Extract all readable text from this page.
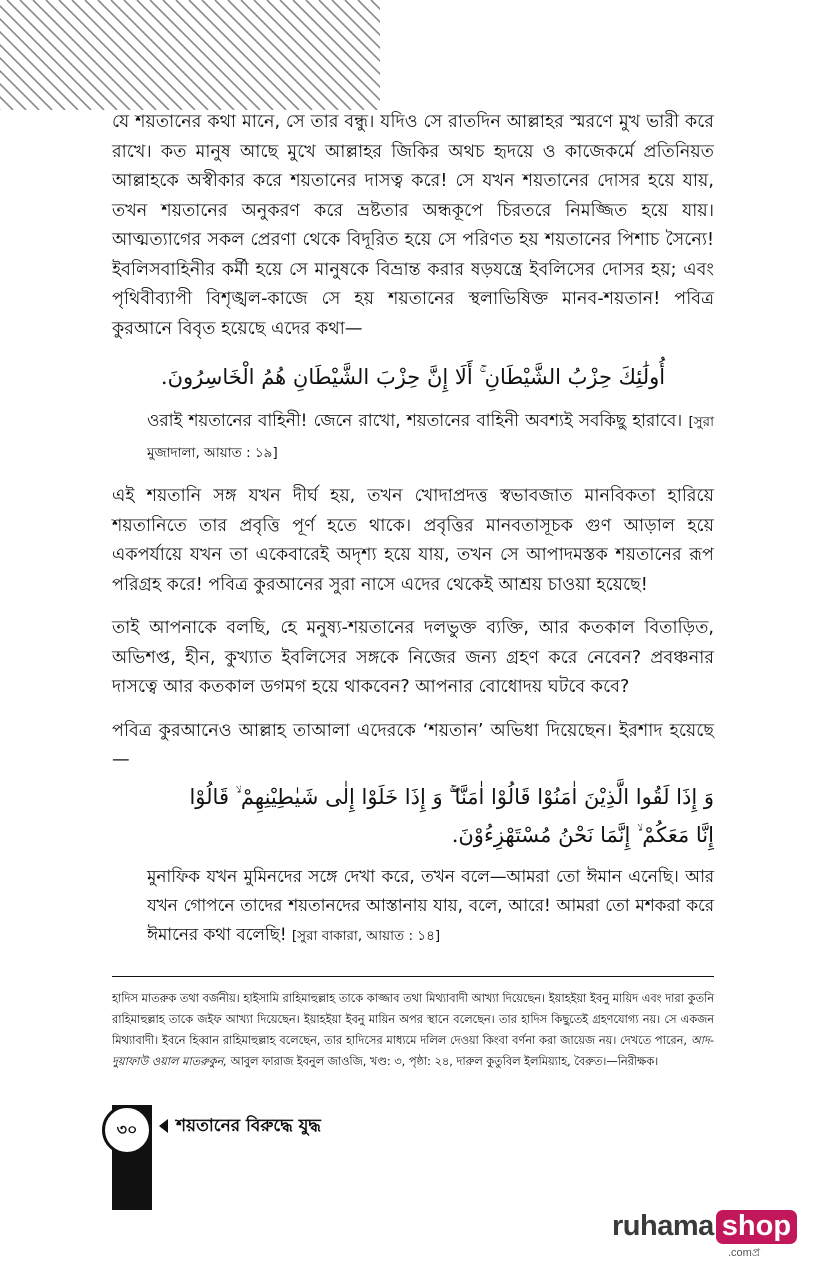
যে শয়তানের কথা মানে, সে তার বন্ধু। যদিও সে রাতদিন আল্লাহর স্মরণে মুখ ভারী করে রাখে। কত মানুষ আছে মুখে আল্লাহর জিকির অথচ হৃদয়ে ও কাজেকর্মে প্রতিনিয়ত আল্লাহকে অস্বীকার করে শয়তানের দাসত্ব করে! সে যখন শয়তানের দোসর হয়ে যায়, তখন শয়তানের অনুকরণ করে ভ্রষ্টতার অন্ধকূপে চিরতরে নিমজ্জিত হয়ে যায়। আত্মত্যাগের সকল প্রেরণা থেকে বিদূরিত হয়ে সে পরিণত হয় শয়তানের পিশাচ সৈন্যে! ইবলিসবাহিনীর কর্মী হয়ে সে মানুষকে বিভ্রান্ত করার ষড়যন্ত্রে ইবলিসের দোসর হয়; এবং পৃথিবীব্যাপী বিশৃঙ্খল-কাজে সে হয় শয়তানের স্থলাভিষিক্ত মানব-শয়তান! পবিত্র কুরআনে বিবৃত হয়েছে এদের কথা—

أُولَٰئِكَ حِزْبُ الشَّيْطَانِ ۚ أَلَا إِنَّ حِزْبَ الشَّيْطَانِ هُمُ الْخَاسِرُونَ.
ওরাই শয়তানের বাহিনী! জেনে রাখো, শয়তানের বাহিনী অবশ্যই সবকিছু হারাবে। [সুরা মুজাদালা, আয়াত : ১৯]

এই শয়তানি সঙ্গ যখন দীর্ঘ হয়, তখন খোদাপ্রদত্ত স্বভাবজাত মানবিকতা হারিয়ে শয়তানিতে তার প্রবৃত্তি পূর্ণ হতে থাকে। প্রবৃত্তির মানবতাসূচক গুণ আড়াল হয়ে একপর্যায়ে যখন তা একেবারেই অদৃশ্য হয়ে যায়, তখন সে আপাদমস্তক শয়তানের রূপ পরিগ্রহ করে! পবিত্র কুরআনের সুরা নাসে এদের থেকেই আশ্রয় চাওয়া হয়েছে!

তাই আপনাকে বলছি, হে মনুষ্য-শয়তানের দলভুক্ত ব্যক্তি, আর কতকাল বিতাড়িত, অভিশপ্ত, হীন, কুখ্যাত ইবলিসের সঙ্গকে নিজের জন্য গ্রহণ করে নেবেন? প্রবঞ্চনার দাসত্বে আর কতকাল ডগমগ হয়ে থাকবেন? আপনার বোধোদয় ঘটবে কবে?

পবিত্র কুরআনেও আল্লাহ তাআলা এদেরকে ‘শয়তান’ অভিধা দিয়েছেন। ইরশাদ হয়েছে—

وَ إِذَا لَقُوا الَّذِيْنَ اٰمَنُوْا قَالُوْا اٰمَنَّا ۚۖ وَ إِذَا خَلَوْا إِلٰى شَيٰطِيْنِهِمْ ۙ قَالُوْا
إِنَّا مَعَكُمْ ۙ إِنَّمَا نَحْنُ مُسْتَهْزِءُوْنَ.
মুনাফিক যখন মুমিনদের সঙ্গে দেখা করে, তখন বলে—আমরা তো ঈমান এনেছি। আর যখন গোপনে তাদের শয়তানদের আস্তানায় যায়, বলে, আরে! আমরা তো মশকরা করে ঈমানের কথা বলেছি! [সুরা বাকারা, আয়াত : ১৪]
হাদিস মাতরুক তথা বর্জনীয়। হাইসামি রাহিমাহুল্লাহ তাকে কাজ্জাব তথা মিথ্যাবাদী আখ্যা দিয়েছেন। ইয়াহইয়া ইবনু মায়িদ এবং দারা কুতনি রাহিমাহুল্লাহ তাকে জইফ আখ্যা দিয়েছেন। ইয়াহইয়া ইবনু মায়িন অপর স্থানে বলেছেন। তার হাদিস কিছুতেই গ্রহণযোগ্য নয়। সে একজন মিথ্যাবাদী। ইবনে হিব্বান রাহিমাহুল্লাহ বলেছেন, তার হাদিসের মাধ্যমে দলিল দেওয়া কিংবা বর্ণনা করা জায়েজ নয়। দেখতে পারেন, আদ-দুয়াফাউ ওয়াল মাতরুকুন, আবুল ফারাজ ইবনুল জাওজি, খণ্ড: ৩, পৃষ্ঠা: ২৪, দারুল কুতুবিল ইলমিয়্যাহ, বৈরুত।—নিরীক্ষক।
৩০	শয়তানের বিরুদ্ধে যুদ্ধ
ruhama shop
.comপ্র
